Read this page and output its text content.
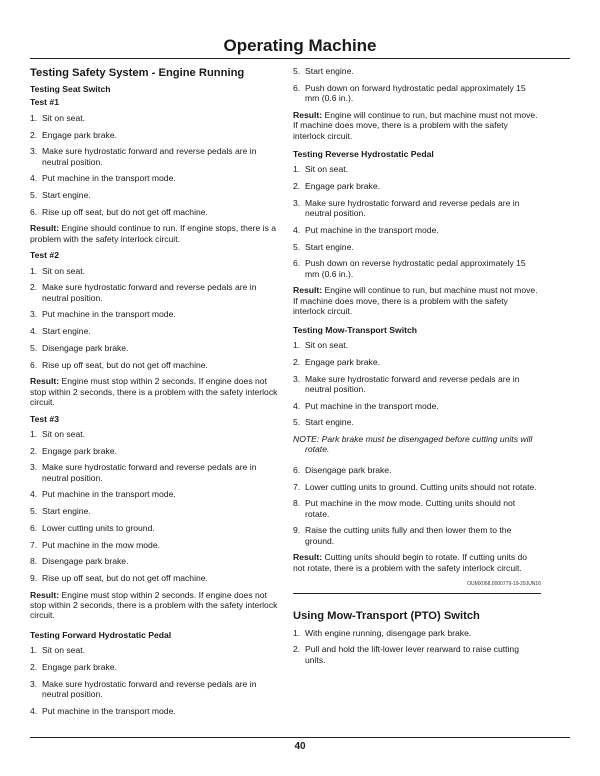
Operating Machine
Testing Safety System - Engine Running
Testing Seat Switch
Test #1
1. Sit on seat.
2. Engage park brake.
3. Make sure hydrostatic forward and reverse pedals are in neutral position.
4. Put machine in the transport mode.
5. Start engine.
6. Rise up off seat, but do not get off machine.
Result: Engine should continue to run. If engine stops, there is a problem with the safety interlock circuit.
Test #2
1. Sit on seat.
2. Make sure hydrostatic forward and reverse pedals are in neutral position.
3. Put machine in the transport mode.
4. Start engine.
5. Disengage park brake.
6. Rise up off seat, but do not get off machine.
Result: Engine must stop within 2 seconds. If engine does not stop within 2 seconds, there is a problem with the safety interlock circuit.
Test #3
1. Sit on seat.
2. Engage park brake.
3. Make sure hydrostatic forward and reverse pedals are in neutral position.
4. Put machine in the transport mode.
5. Start engine.
6. Lower cutting units to ground.
7. Put machine in the mow mode.
8. Disengage park brake.
9. Rise up off seat, but do not get off machine.
Result: Engine must stop within 2 seconds. If engine does not stop within 2 seconds, there is a problem with the safety interlock circuit.
Testing Forward Hydrostatic Pedal
1. Sit on seat.
2. Engage park brake.
3. Make sure hydrostatic forward and reverse pedals are in neutral position.
4. Put machine in the transport mode.
5. Start engine.
6. Push down on forward hydrostatic pedal approximately 15 mm (0.6 in.).
Result: Engine will continue to run, but machine must not move. If machine does move, there is a problem with the safety interlock circuit.
Testing Reverse Hydrostatic Pedal
1. Sit on seat.
2. Engage park brake.
3. Make sure hydrostatic forward and reverse pedals are in neutral position.
4. Put machine in the transport mode.
5. Start engine.
6. Push down on reverse hydrostatic pedal approximately 15 mm (0.6 in.).
Result: Engine will continue to run, but machine must not move. If machine does move, there is a problem with the safety interlock circuit.
Testing Mow-Transport Switch
1. Sit on seat.
2. Engage park brake.
3. Make sure hydrostatic forward and reverse pedals are in neutral position.
4. Put machine in the transport mode.
5. Start engine.
NOTE: Park brake must be disengaged before cutting units will rotate.
6. Disengage park brake.
7. Lower cutting units to ground. Cutting units should not rotate.
8. Put machine in the mow mode. Cutting units should not rotate.
9. Raise the cutting units fully and then lower them to the ground.
Result: Cutting units should begin to rotate. If cutting units do not rotate, there is a problem with the safety interlock circuit.
OUMX068,0000779-19-29JUN16
Using Mow-Transport (PTO) Switch
1. With engine running, disengage park brake.
2. Pull and hold the lift-lower lever rearward to raise cutting units.
40
